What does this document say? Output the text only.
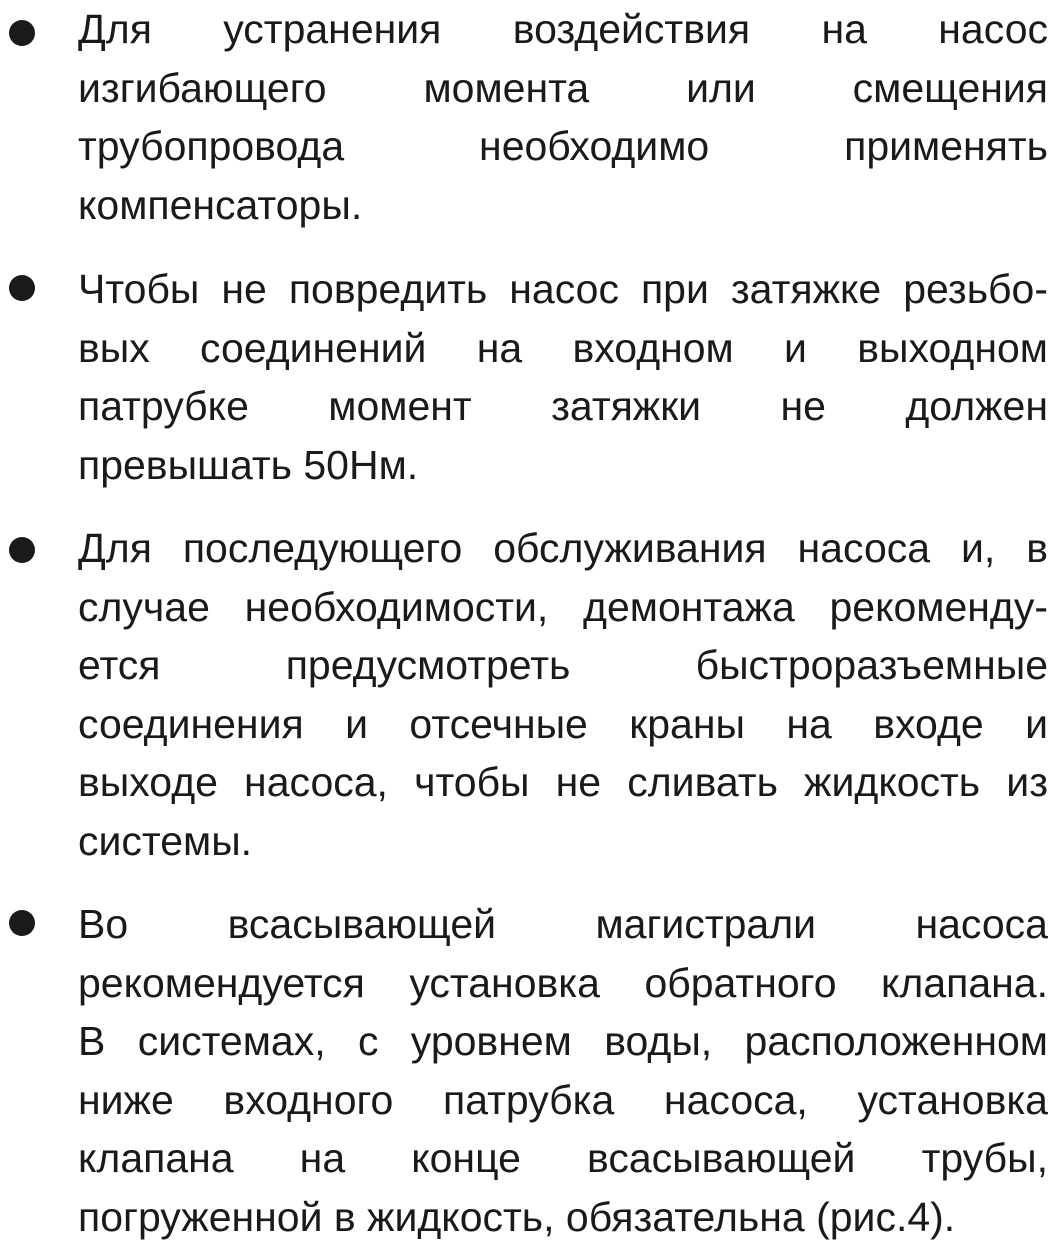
Для устранения воздействия на насос
изгибающего момента или смещения
трубопровода необходимо применять
компенсаторы.

Чтобы не повредить насос при затяжке резьбо-
вых соединений на входном и выходном
патрубке момент затяжки не должен
превышать 50Нм.

Для последующего обслуживания насоса и, в
случае необходимости, демонтажа рекоменду-
ется предусмотреть быстроразъемные
соединения и отсечные краны на входе и
выходе насоса, чтобы не сливать жидкость из
системы.

Во всасывающей магистрали насоса
рекомендуется установка обратного клапана.
В системах, с уровнем воды, расположенном
ниже входного патрубка насоса, установка
клапана на конце всасывающей трубы,
погруженной в жидкость, обязательна (рис.4).
